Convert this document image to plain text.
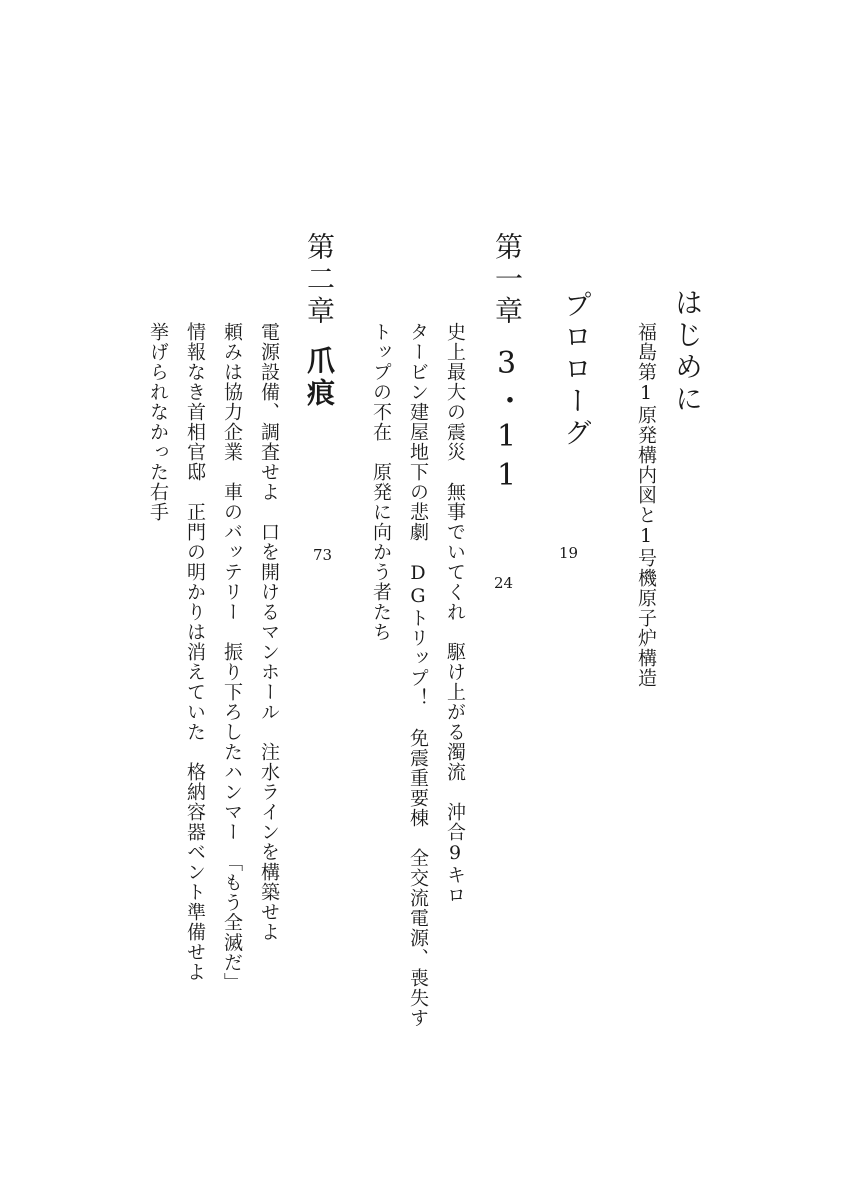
はじめに
福島第1原発構内図と1号機原子炉構造
プロローグ
19
第一章
3・11
24
史上最大の震災　無事でいてくれ　駆け上がる濁流　沖合9キロ
タービン建屋地下の悲劇　DGトリップ！　免震重要棟　全交流電源、喪失す
トップの不在　原発に向かう者たち
第二章
爪痕
73
電源設備、調査せよ　口を開けるマンホール　注水ラインを構築せよ
頼みは協力企業　車のバッテリー　振り下ろしたハンマー　「もう全滅だ」
情報なき首相官邸　正門の明かりは消えていた　格納容器ベント準備せよ
挙げられなかった右手
